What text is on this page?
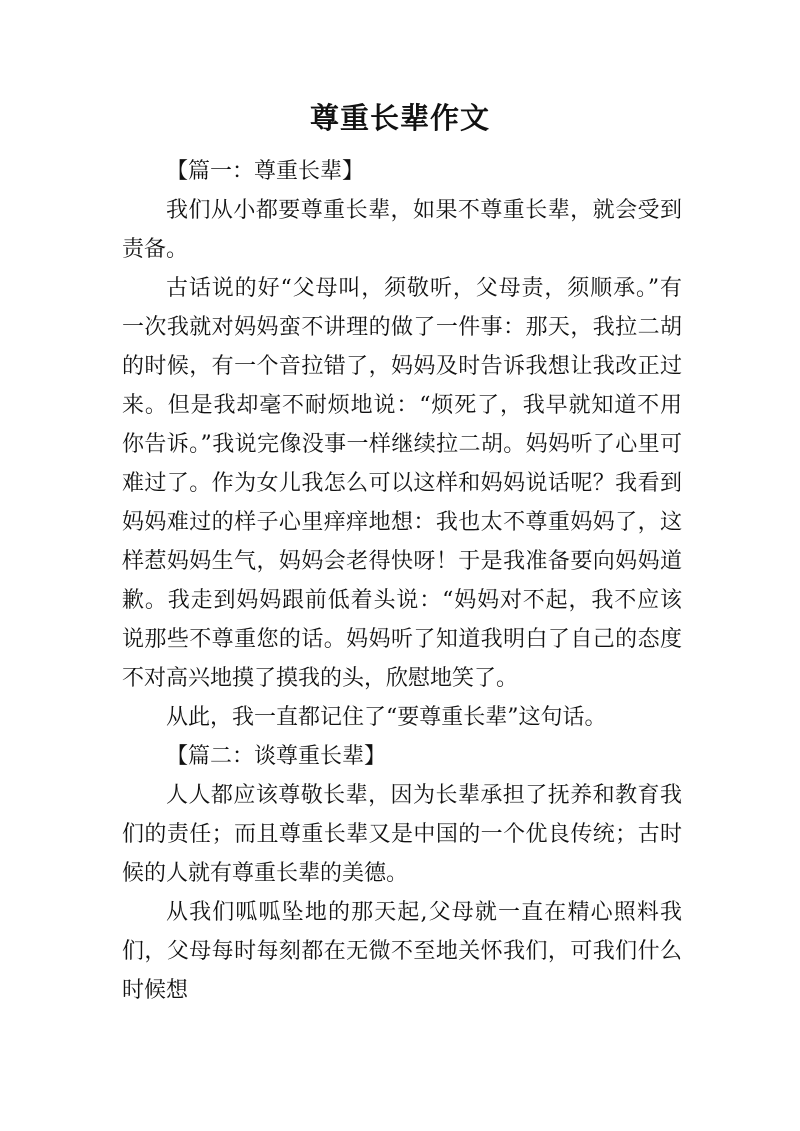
尊重长辈作文

【篇一：尊重长辈】

我们从小都要尊重长辈，如果不尊重长辈，就会受到责备。

古话说的好“父母叫，须敬听，父母责，须顺承。”有一次我就对妈妈蛮不讲理的做了一件事：那天，我拉二胡的时候，有一个音拉错了，妈妈及时告诉我想让我改正过来。但是我却毫不耐烦地说：“烦死了，我早就知道不用你告诉。”我说完像没事一样继续拉二胡。妈妈听了心里可难过了。作为女儿我怎么可以这样和妈妈说话呢？我看到妈妈难过的样子心里痒痒地想：我也太不尊重妈妈了，这样惹妈妈生气，妈妈会老得快呀！于是我准备要向妈妈道歉。我走到妈妈跟前低着头说：“妈妈对不起，我不应该说那些不尊重您的话。妈妈听了知道我明白了自己的态度不对高兴地摸了摸我的头，欣慰地笑了。

从此，我一直都记住了“要尊重长辈”这句话。

【篇二：谈尊重长辈】

人人都应该尊敬长辈，因为长辈承担了抚养和教育我们的责任；而且尊重长辈又是中国的一个优良传统；古时候的人就有尊重长辈的美德。

从我们呱呱坠地的那天起,父母就一直在精心照料我们，父母每时每刻都在无微不至地关怀我们，可我们什么时候想
